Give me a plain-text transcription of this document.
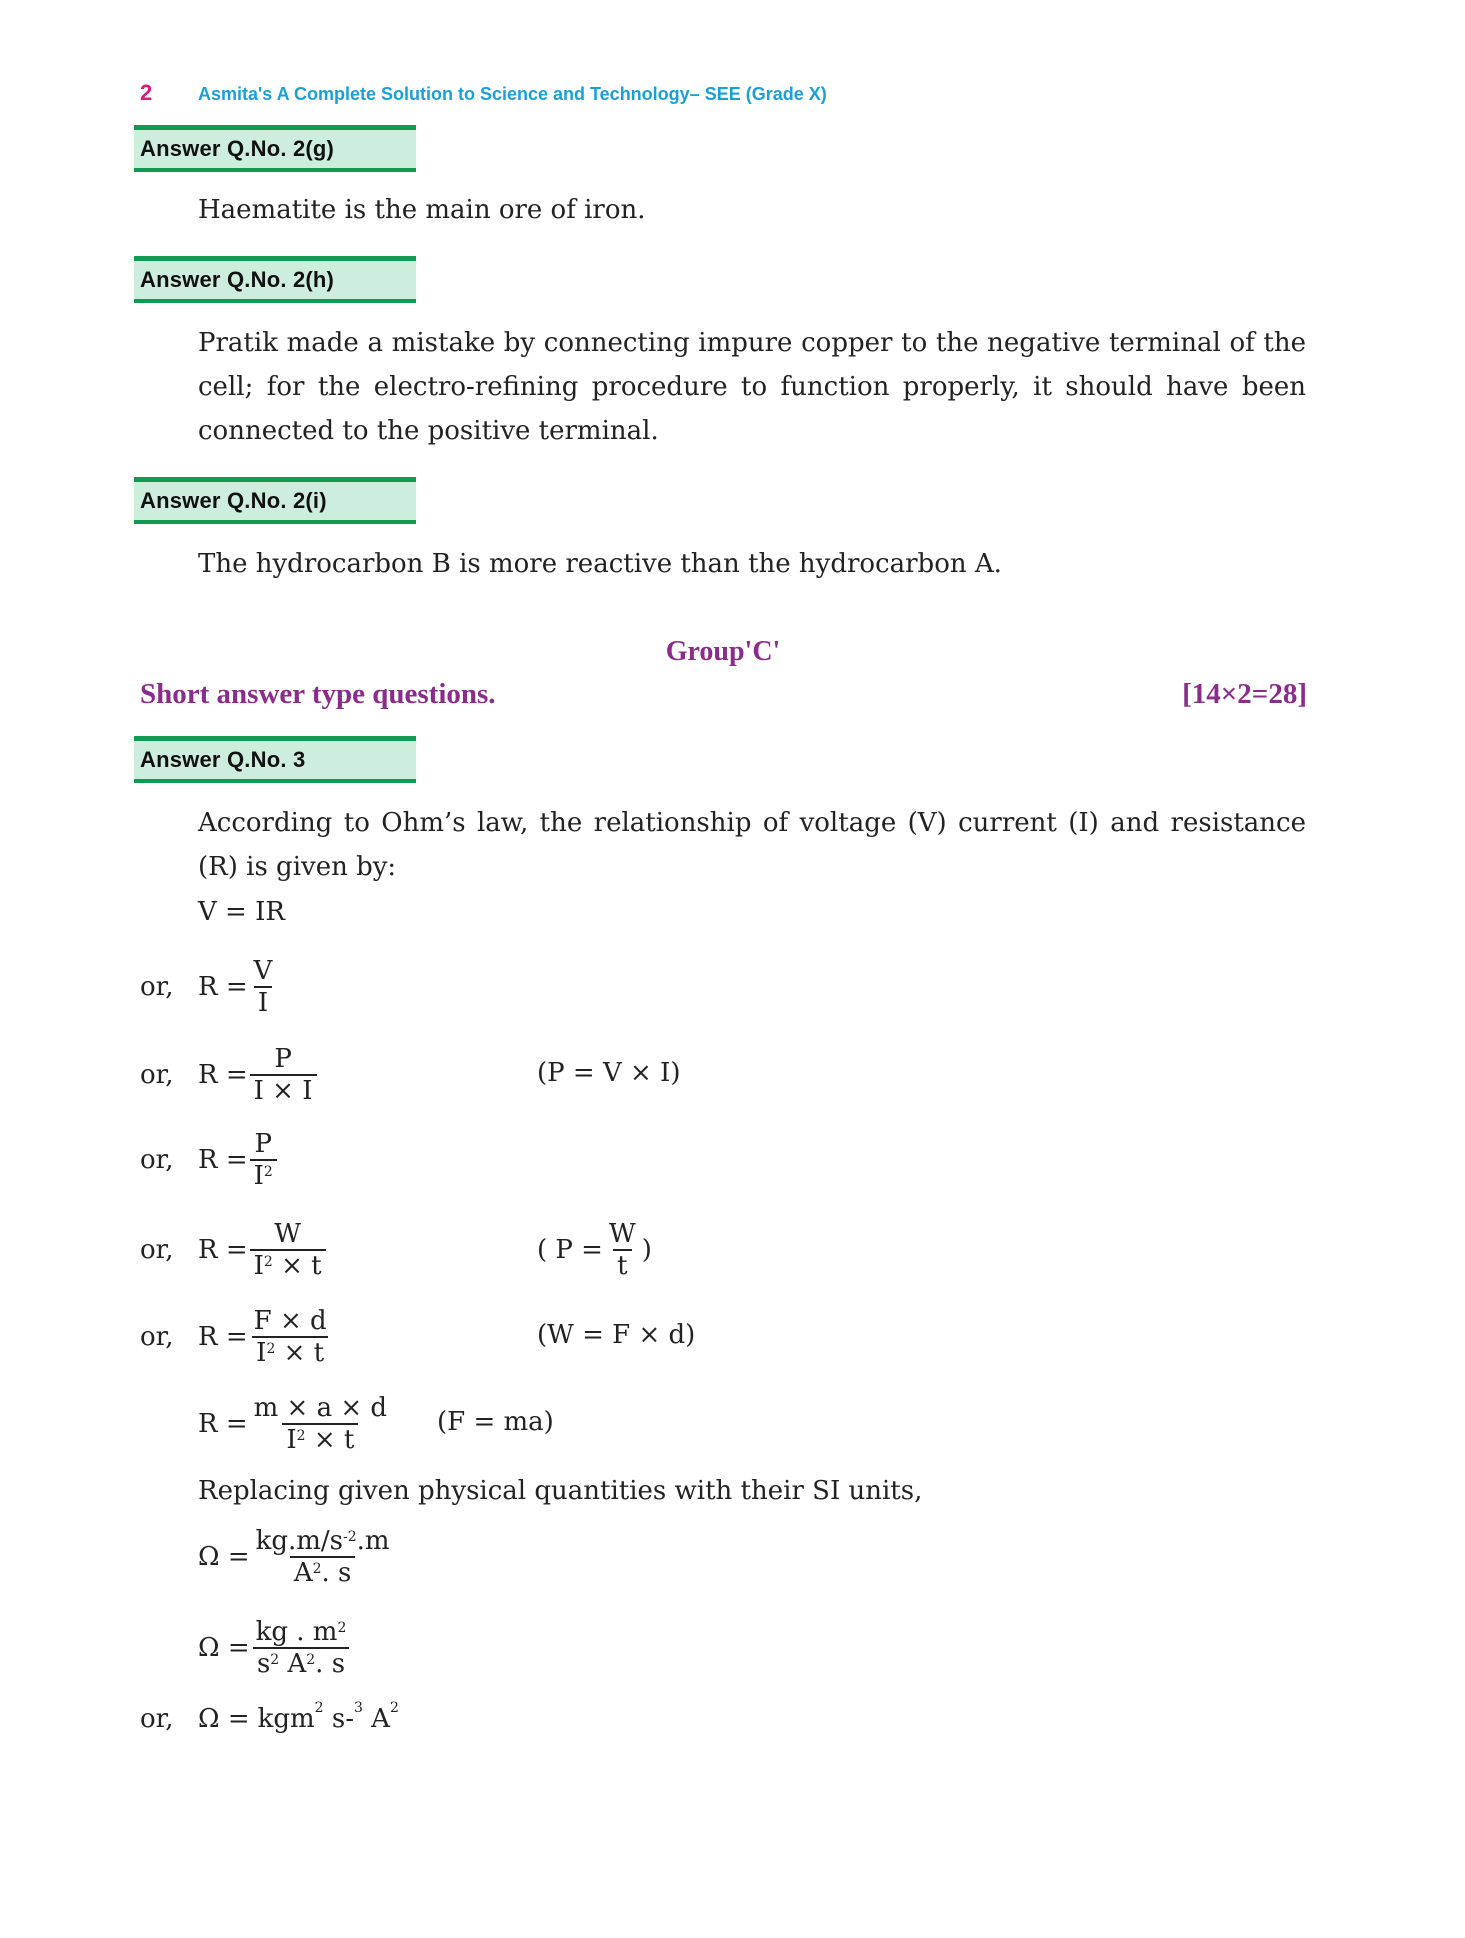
2	Asmita's A Complete Solution to Science and Technology– SEE (Grade X)
Answer Q.No. 2(g)
Haematite is the main ore of iron.
Answer Q.No. 2(h)
Pratik made a mistake by connecting impure copper to the negative terminal of the cell; for the electro-refining procedure to function properly, it should have been connected to the positive terminal.
Answer Q.No. 2(i)
The hydrocarbon B is more reactive than the hydrocarbon A.
Group'C'
Short answer type questions.	[14×2=28]
Answer Q.No. 3
According to Ohm’s law, the relationship of voltage (V) current (I) and resistance (R) is given by:
V = IR
or, $R = \frac{V}{I}$
or, $R = \frac{P}{I \times I}$	(P = V × I)
or, $R = \frac{P}{I^2}$
or, $R = \frac{W}{I^2 \times t}$	( $P = \frac{W}{t}$ )
or, $R = \frac{F \times d}{I^2 \times t}$	(W = F × d)
$R = \frac{m \times a \times d}{I^2 \times t} (F = ma)$
Replacing given physical quantities with their SI units,
$\Omega = \frac{kg.m/s^{-2}.m}{A^2. s}$
$\Omega = \frac{kg . m^2}{s^2 A^2. s}$
or, Ω = kgm$^2$ s-$^3$ $A^2$
